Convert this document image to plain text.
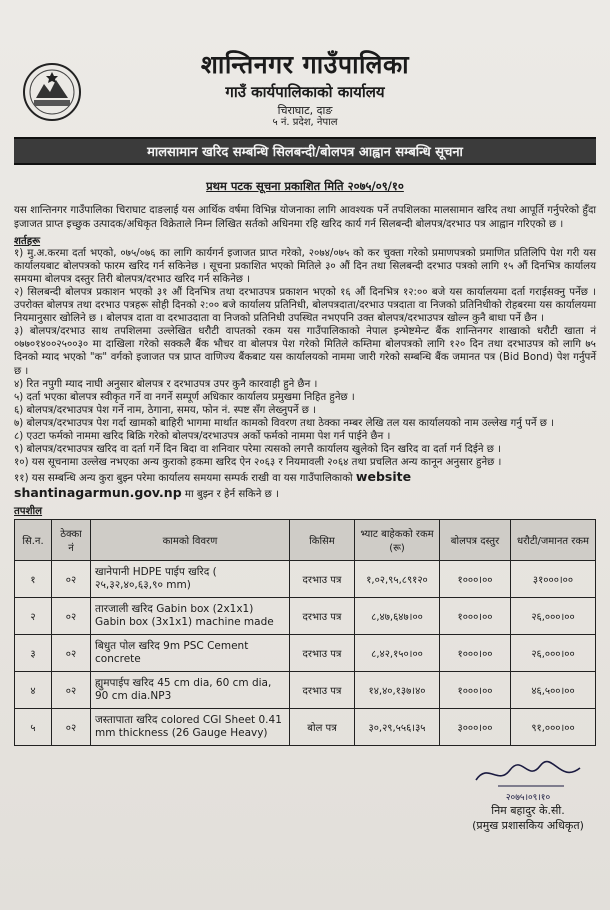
शान्तिनगर गाउँपालिका
गाउँ कार्यपालिकाको कार्यालय
चिराघाट, दाङ
५ नं. प्रदेश, नेपाल
मालसामान खरिद सम्बन्धि सिलबन्दी/बोलपत्र आह्वान सम्बन्धि सूचना
प्रथम पटक सूचना प्रकाशित मिति २०७५/०९/१०
यस शान्तिनगर गाउँपालिका चिराघाट दाङलाई यस आर्थिक वर्षमा विभिन्न योजनाका लागि आवश्यक पर्ने तपशिलका मालसामान खरिद तथा आपूर्ति गर्नुपरेको हुँदा इजाजत प्राप्त इच्छुक उत्पादक/अधिकृत विक्रेताले निम्न लिखित सर्तको अधिनमा रहि खरिद कार्य गर्न सिलबन्दी बोलपत्र/दरभाउ पत्र आह्वान गरिएको छ ।
शर्तहरू

१) मु.अ.करमा दर्ता भएको, ०७५/०७६ का लागि कार्यगर्न इजाजत प्राप्त गरेको, २०७४/०७५ को कर चुक्ता गरेको प्रमाणपत्रको प्रमाणित प्रतिलिपि पेश गरी यस कार्यालयबाट बोलपत्रको फारम खरिद गर्न सकिनेछ । सूचना प्रकाशित भएको मितिले ३० औं दिन तथा सिलबन्दी दरभाउ पत्रको लागि १५ औं दिनभित्र कार्यालय समयमा बोलपत्र दस्तुर तिरी बोलपत्र/दरभाउ खरिद गर्न सकिनेछ ।

२) सिलबन्दी बोलपत्र प्रकाशन भएको ३१ औं दिनभित्र तथा दरभाउपत्र प्रकाशन भएको १६ औं दिनभित्र १२:०० बजे यस कार्यालयमा दर्ता गराईसक्नु पर्नेछ । उपरोक्त बोलपत्र तथा दरभाउ पत्रहरू सोही दिनको २:०० बजे कार्यालय प्रतिनिधी, बोलपत्रदाता/दरभाउ पत्रदाता वा निजको प्रतिनिधीको रोहबरमा यस कार्यालयमा नियमानुसार खोलिने छ । बोलपत्र दाता वा दरभाउदाता वा निजको प्रतिनिधी उपस्थित नभएपनि उक्त बोलपत्र/दरभाउपत्र खोल्न कुनै बाधा पर्ने छैन ।

३) बोलपत्र/दरभाउ साथ तपशिलमा उल्लेखित धरौटी वापतको रकम यस गाउँपालिकाको नेपाल इन्भेष्टमेन्ट बैंक शान्तिनगर शाखाको धरौटी खाता नं ०७७०१४००२५००३० मा दाखिला गरेको सक्कलै बैंक भौचर वा बोलपत्र पेश गरेको मितिले कम्तिमा बोलपत्रको लागि १२० दिन तथा दरभाउपत्र को लागि ७५ दिनको म्याद भएको "क" वर्गको इजाजत पत्र प्राप्त वाणिज्य बैंकबाट यस कार्यालयको नाममा जारी गरेको सम्बन्धि बैंक जमानत पत्र (Bid Bond) पेश गर्नुपर्ने छ ।

४) रित नपुगी म्याद नाघी अनुसार बोलपत्र र दरभाउपत्र उपर कुनै कारवाही हुने छैन ।

५) दर्ता भएका बोलपत्र स्वीकृत गर्ने वा नगर्ने सम्पूर्ण अधिकार कार्यालय प्रमुखमा निहित हुनेछ ।

६) बोलपत्र/दरभाउपत्र पेश गर्ने नाम, ठेगाना, समय, फोन नं. स्पष्ट सँग लेख्नुपर्ने छ ।

७) बोलपत्र/दरभाउपत्र पेश गर्दा खामको बाहिरी भागमा मार्थात कामको विवरण तथा ठेक्का नम्बर लेखि तल यस कार्यालयको नाम उल्लेख गर्नु पर्ने छ ।

८) एउटा फर्मको नाममा खरिद बिक्रि गरेको बोलपत्र/दरभाउपत्र अर्को फर्मको नाममा पेश गर्न पाईने छैन ।

९) बोलपत्र/दरभाउपत्र खरिद वा दर्ता गर्ने दिन बिदा वा शनिवार परेमा त्यसको लगत्तै कार्यालय खुलेको दिन खरिद वा दर्ता गर्न दिईने छ ।

१०) यस सूचनामा उल्लेख नभएका अन्य कुराको हकमा खरिद ऐन २०६३ र नियमावली २०६४ तथा प्रचलित अन्य कानून अनुसार हुनेछ ।

११) यस सम्बन्धि अन्य कुरा बुझ्न परेमा कार्यालय समयमा सम्पर्क राखी वा यस गाउँपालिकाको website
shantinagarmun.gov.np मा बुझ्न र हेर्न सकिने छ ।
तपशील
सि.न.	ठेक्का नं	कामको विवरण	किसिम	भ्याट बाहेकको रकम (रू)	बोलपत्र दस्तुर	धरौटी/जमानत रकम
१	०२	खानेपानी HDPE पाईप खरिद ( २५,३२,४०,६३,९० mm)	दरभाउ पत्र	१,०२,९५,८९१२०	१०००।००	३१०००।००
२	०२	तारजाली खरिद Gabin box (2x1x1) Gabin box (3x1x1) machine made	दरभाउ पत्र	८,४७,६४७।००	१०००।००	२६,०००।००
३	०२	बिधुत पोल खरिद 9m PSC Cement concrete	दरभाउ पत्र	८,४२,१५०।००	१०००।००	२६,०००।००
४	०२	ह्युमपाईप खरिद 45 cm dia, 60 cm dia, 90 cm dia.NP3	दरभाउ पत्र	१४,४०,१३७।४०	१०००।००	४६,५००।००
५	०२	जस्तापाता खरिद colored CGI Sheet 0.41 mm thickness (26 Gauge Heavy)	बोल पत्र	३०,२९,५५६।३५	३०००।००	९१,०००।००
२०७५।०९।१०
निम बहादुर के.सी.
(प्रमुख प्रशासकिय अधिकृत)
